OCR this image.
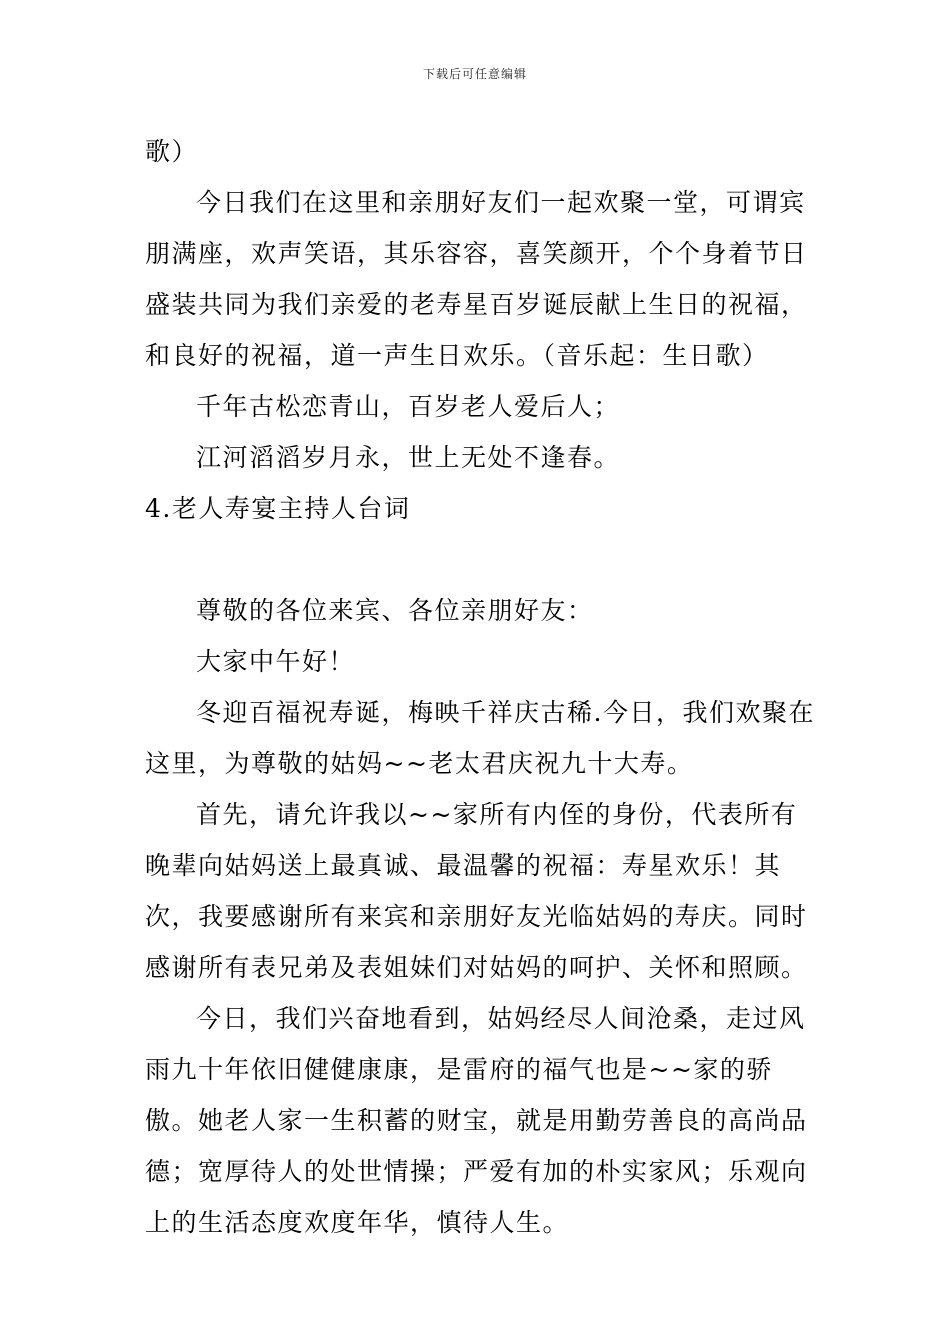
下载后可任意编辑

歌）

今日我们在这里和亲朋好友们一起欢聚一堂，可谓宾朋满座，欢声笑语，其乐容容，喜笑颜开，个个身着节日盛装共同为我们亲爱的老寿星百岁诞辰献上生日的祝福，和良好的祝福，道一声生日欢乐。（音乐起：生日歌）

千年古松恋青山，百岁老人爱后人；

江河滔滔岁月永，世上无处不逢春。

4.老人寿宴主持人台词

尊敬的各位来宾、各位亲朋好友：

大家中午好！

冬迎百福祝寿诞，梅映千祥庆古稀.今日，我们欢聚在这里，为尊敬的姑妈~~老太君庆祝九十大寿。

首先，请允许我以~~家所有内侄的身份，代表所有晚辈向姑妈送上最真诚、最温馨的祝福：寿星欢乐！其次，我要感谢所有来宾和亲朋好友光临姑妈的寿庆。同时感谢所有表兄弟及表姐妹们对姑妈的呵护、关怀和照顾。

今日，我们兴奋地看到，姑妈经尽人间沧桑，走过风雨九十年依旧健健康康，是雷府的福气也是~~家的骄傲。她老人家一生积蓄的财宝，就是用勤劳善良的高尚品德；宽厚待人的处世情操；严爱有加的朴实家风；乐观向上的生活态度欢度年华，慎待人生。
